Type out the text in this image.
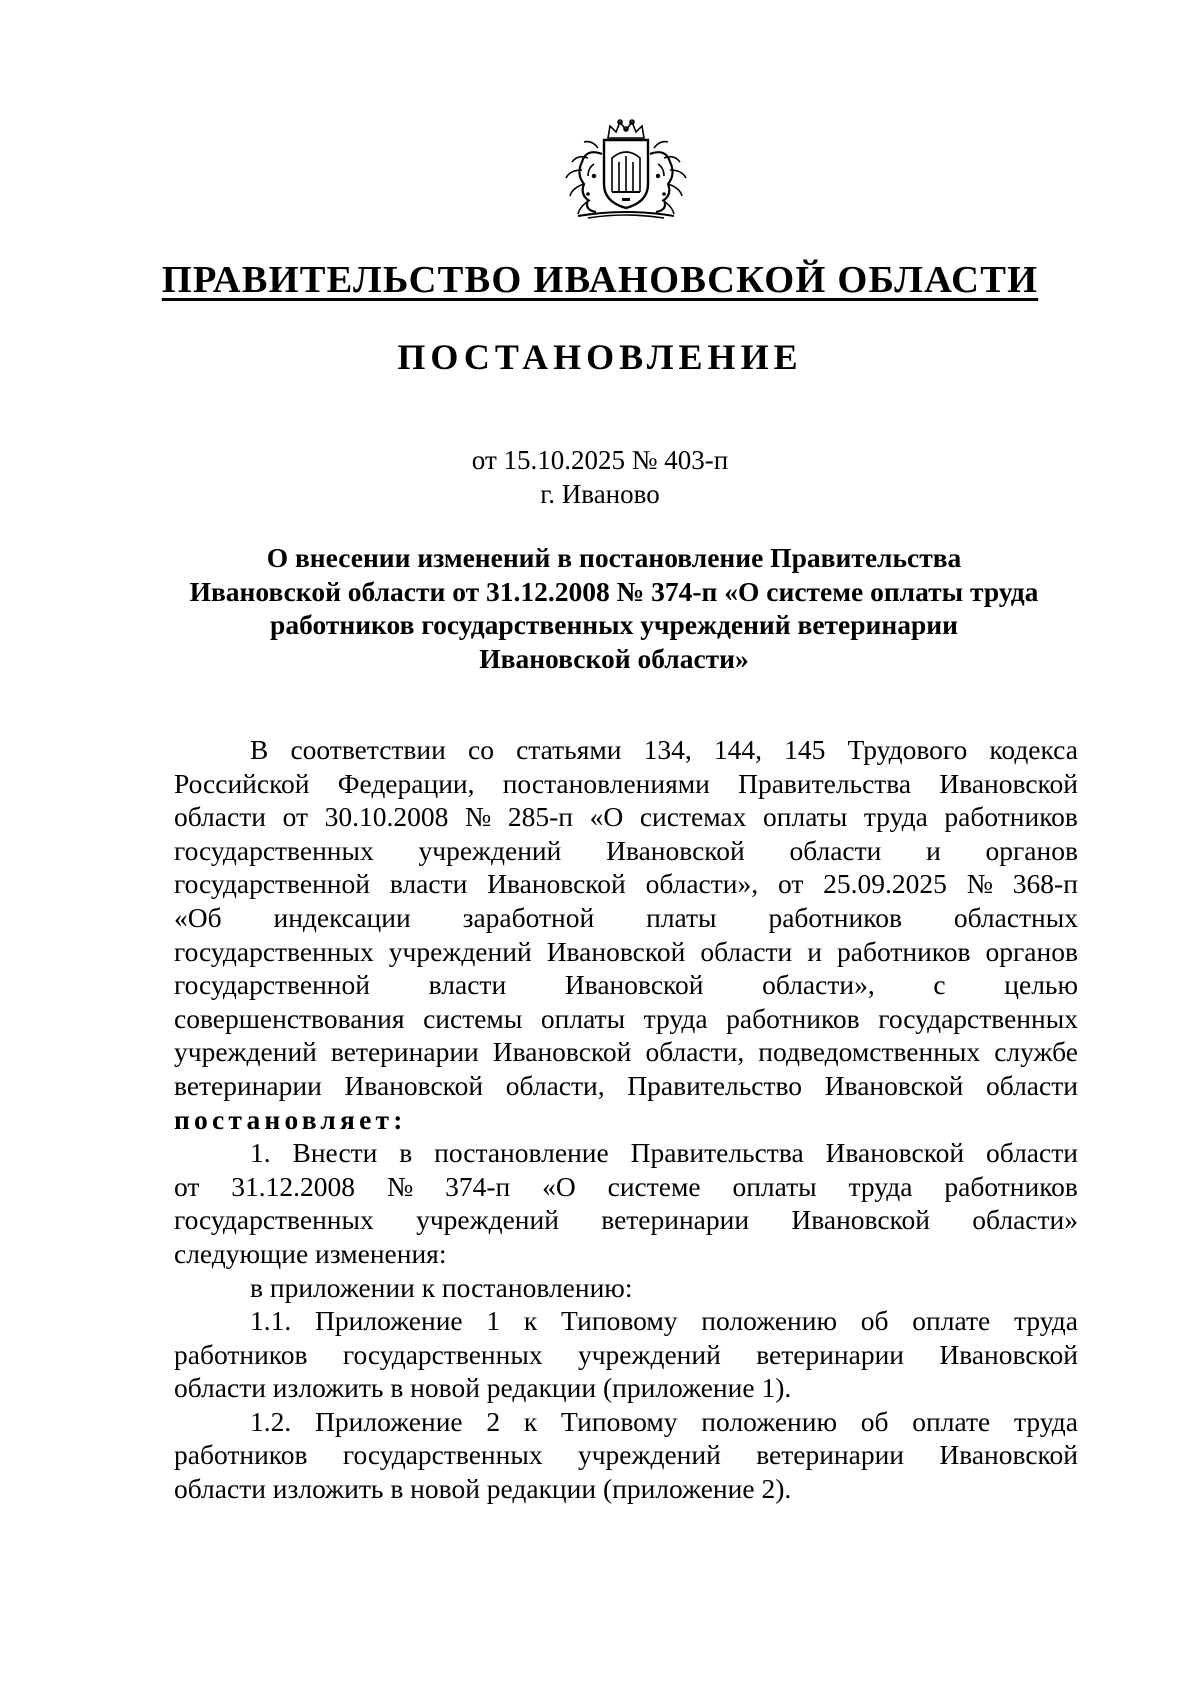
ПРАВИТЕЛЬСТВО ИВАНОВСКОЙ ОБЛАСТИ
ПОСТАНОВЛЕНИЕ
от 15.10.2025 № 403-п
г. Иваново
О внесении изменений в постановление Правительства
Ивановской области от 31.12.2008 № 374-п «О системе оплаты труда
работников государственных учреждений ветеринарии
Ивановской области»
В соответствии со статьями 134, 144, 145 Трудового кодекса
Российской Федерации, постановлениями Правительства Ивановской
области от 30.10.2008 № 285-п «О системах оплаты труда работников
государственных учреждений Ивановской области и органов
государственной власти Ивановской области», от 25.09.2025 № 368-п
«Об индексации заработной платы работников областных
государственных учреждений Ивановской области и работников органов
государственной власти Ивановской области», с целью
совершенствования системы оплаты труда работников государственных
учреждений ветеринарии Ивановской области, подведомственных службе
ветеринарии Ивановской области, Правительство Ивановской области
постановляет:
1. Внести в постановление Правительства Ивановской области
от 31.12.2008 № 374-п «О системе оплаты труда работников
государственных учреждений ветеринарии Ивановской области»
следующие изменения:
в приложении к постановлению:
1.1. Приложение 1 к Типовому положению об оплате труда
работников государственных учреждений ветеринарии Ивановской
области изложить в новой редакции (приложение 1).
1.2. Приложение 2 к Типовому положению об оплате труда
работников государственных учреждений ветеринарии Ивановской
области изложить в новой редакции (приложение 2).
